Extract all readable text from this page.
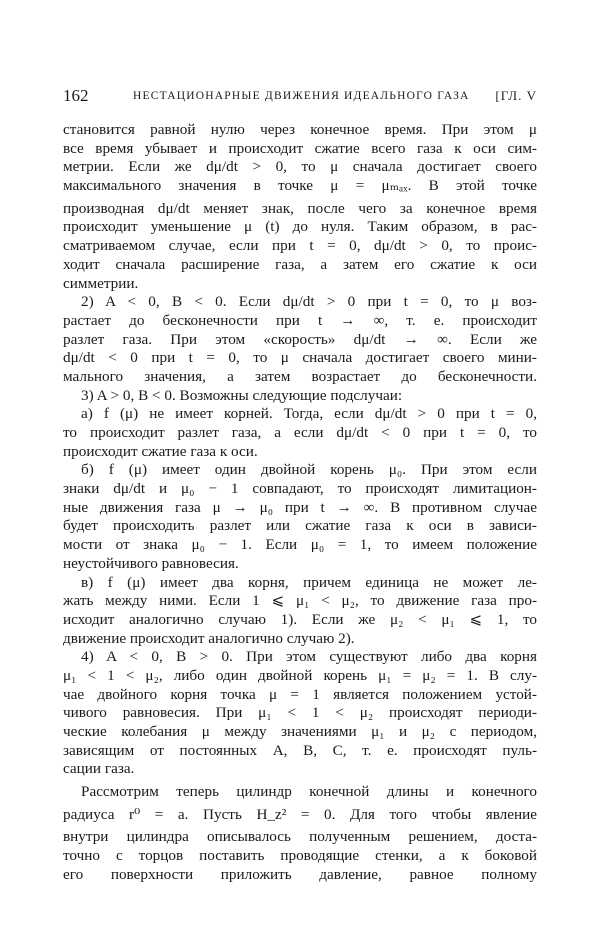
162	НЕСТАЦИОНАРНЫЕ ДВИЖЕНИЯ ИДЕАЛЬНОГО ГАЗА [ГЛ. V
становится равной нулю через конечное время. При этом μ
все время убывает и происходит сжатие всего газа к оси сим-
метрии. Если же dμ/dt > 0, то μ сначала достигает своего
максимального значения в точке μ = μₘₐₓ. В этой точке
производная dμ/dt меняет знак, после чего за конечное время
происходит уменьшение μ (t) до нуля. Таким образом, в рас-
сматриваемом случае, если при t = 0, dμ/dt > 0, то проис-
ходит сначала расширение газа, а затем его сжатие к оси
симметрии.
2) A < 0, B < 0. Если dμ/dt > 0 при t = 0, то μ воз-
растает до бесконечности при t → ∞, т. е. происходит
разлет газа. При этом «скорость» dμ/dt → ∞. Если же
dμ/dt < 0 при t = 0, то μ сначала достигает своего мини-
мального значения, а затем возрастает до бесконечности.
3) A > 0, B < 0. Возможны следующие подслучаи:
а) f (μ) не имеет корней. Тогда, если dμ/dt > 0 при t = 0,
то происходит разлет газа, а если dμ/dt < 0 при t = 0, то
происходит сжатие газа к оси.
б) f (μ) имеет один двойной корень μ₀. При этом если
знаки dμ/dt и μ₀ − 1 совпадают, то происходят лимитацион-
ные движения газа μ → μ₀ при t → ∞. В противном случае
будет происходить разлет или сжатие газа к оси в зависи-
мости от знака μ₀ − 1. Если μ₀ = 1, то имеем положение
неустойчивого равновесия.
в) f (μ) имеет два корня, причем единица не может ле-
жать между ними. Если 1 ⩽ μ₁ < μ₂, то движение газа про-
исходит аналогично случаю 1). Если же μ₂ < μ₁ ⩽ 1, то
движение происходит аналогично случаю 2).
4) A < 0, B > 0. При этом существуют либо два корня
μ₁ < 1 < μ₂, либо один двойной корень μ₁ = μ₂ = 1. В слу-
чае двойного корня точка μ = 1 является положением устой-
чивого равновесия. При μ₁ < 1 < μ₂ происходят периоди-
ческие колебания μ между значениями μ₁ и μ₂ с периодом,
зависящим от постоянных A, B, C, т. е. происходят пуль-
сации газа.
Рассмотрим теперь цилиндр конечной длины и конечного
радиуса r⁰ = a. Пусть H_z² = 0. Для того чтобы явление
внутри цилиндра описывалось полученным решением, доста-
точно с торцов поставить проводящие стенки, а к боковой
его поверхности приложить давление, равное полному
